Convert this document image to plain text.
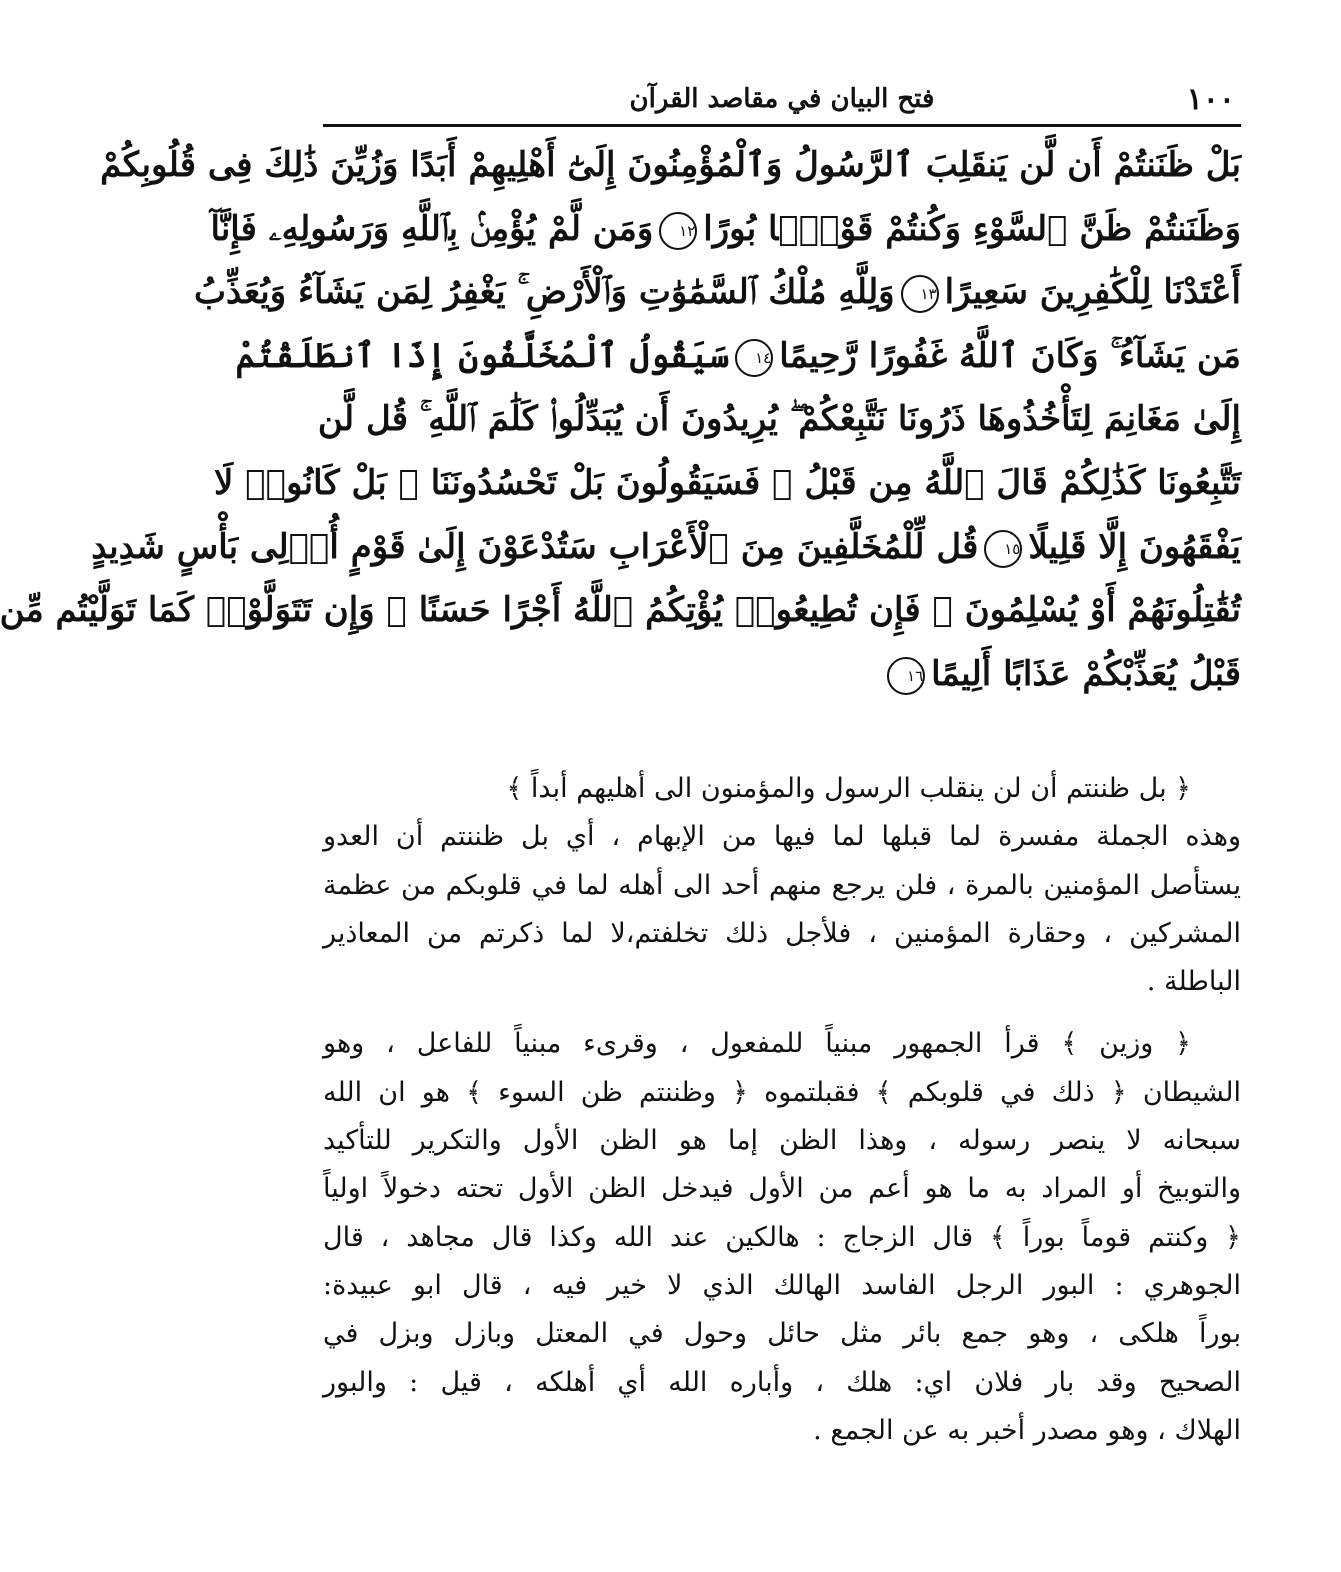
١٠٠
فتح البيان في مقاصد القرآن
بَلْ ظَنَنتُمْ أَن لَّن يَنقَلِبَ ٱلرَّسُولُ وَٱلْمُؤْمِنُونَ إِلَىٰٓ أَهْلِيهِمْ أَبَدًا وَزُيِّنَ ذَٰلِكَ فِى قُلُوبِكُمْ
وَظَنَنتُمْ ظَنَّ ٱلسَّوْءِ وَكُنتُمْ قَوْمًۢا بُورًا١٢وَمَن لَّمْ يُؤْمِنۢ بِٱللَّهِ وَرَسُولِهِۦ فَإِنَّآ
أَعْتَدْنَا لِلْكَٰفِرِينَ سَعِيرًا١٣وَلِلَّهِ مُلْكُ ٱلسَّمَٰوَٰتِ وَٱلْأَرْضِ ۚ يَغْفِرُ لِمَن يَشَآءُ وَيُعَذِّبُ
مَن يَشَآءُ ۚ وَكَانَ ٱللَّهُ غَفُورًا رَّحِيمًا١٤سَيَقُولُ ٱلْمُخَلَّفُونَ إِذَا ٱنطَلَقْتُمْ
إِلَىٰ مَغَانِمَ لِتَأْخُذُوهَا ذَرُونَا نَتَّبِعْكُمْ ۖ يُرِيدُونَ أَن يُبَدِّلُوا۟ كَلَٰمَ ٱللَّهِ ۚ قُل لَّن
تَتَّبِعُونَا كَذَٰلِكُمْ قَالَ ٱللَّهُ مِن قَبْلُ ۖ فَسَيَقُولُونَ بَلْ تَحْسُدُونَنَا ۚ بَلْ كَانُوا۟ لَا
يَفْقَهُونَ إِلَّا قَلِيلًا١٥قُل لِّلْمُخَلَّفِينَ مِنَ ٱلْأَعْرَابِ سَتُدْعَوْنَ إِلَىٰ قَوْمٍ أُو۟لِى بَأْسٍ شَدِيدٍ
تُقَٰتِلُونَهُمْ أَوْ يُسْلِمُونَ ۖ فَإِن تُطِيعُوا۟ يُؤْتِكُمُ ٱللَّهُ أَجْرًا حَسَنًا ۖ وَإِن تَتَوَلَّوْا۟ كَمَا تَوَلَّيْتُم مِّن
قَبْلُ يُعَذِّبْكُمْ عَذَابًا أَلِيمًا١٦
﴿ بل ظننتم أن لن ينقلب الرسول والمؤمنون الى أهليهم أبداً ﴾
وهذه الجملة مفسرة لما قبلها لما فيها من الإبهام ، أي بل ظننتم أن العدو
يستأصل المؤمنين بالمرة ، فلن يرجع منهم أحد الى أهله لما في قلوبكم من عظمة
المشركين ، وحقارة المؤمنين ، فلأجل ذلك تخلفتم،لا لما ذكرتم من المعاذير
الباطلة .
﴿ وزين ﴾ قرأ الجمهور مبنياً للمفعول ، وقرىء مبنياً للفاعل ، وهو
الشيطان ﴿ ذلك في قلوبكم ﴾ فقبلتموه ﴿ وظننتم ظن السوء ﴾ هو ان الله
سبحانه لا ينصر رسوله ، وهذا الظن إما هو الظن الأول والتكرير للتأكيد
والتوبيخ أو المراد به ما هو أعم من الأول فيدخل الظن الأول تحته دخولاً اولياً
﴿ وكنتم قوماً بوراً ﴾ قال الزجاج : هالكين عند الله وكذا قال مجاهد ، قال
الجوهري : البور الرجل الفاسد الهالك الذي لا خير فيه ، قال ابو عبيدة:
بوراً هلكى ، وهو جمع بائر مثل حائل وحول في المعتل وبازل وبزل في
الصحيح وقد بار فلان اي: هلك ، وأباره الله أي أهلكه ، قيل : والبور
الهلاك ، وهو مصدر أخبر به عن الجمع .
